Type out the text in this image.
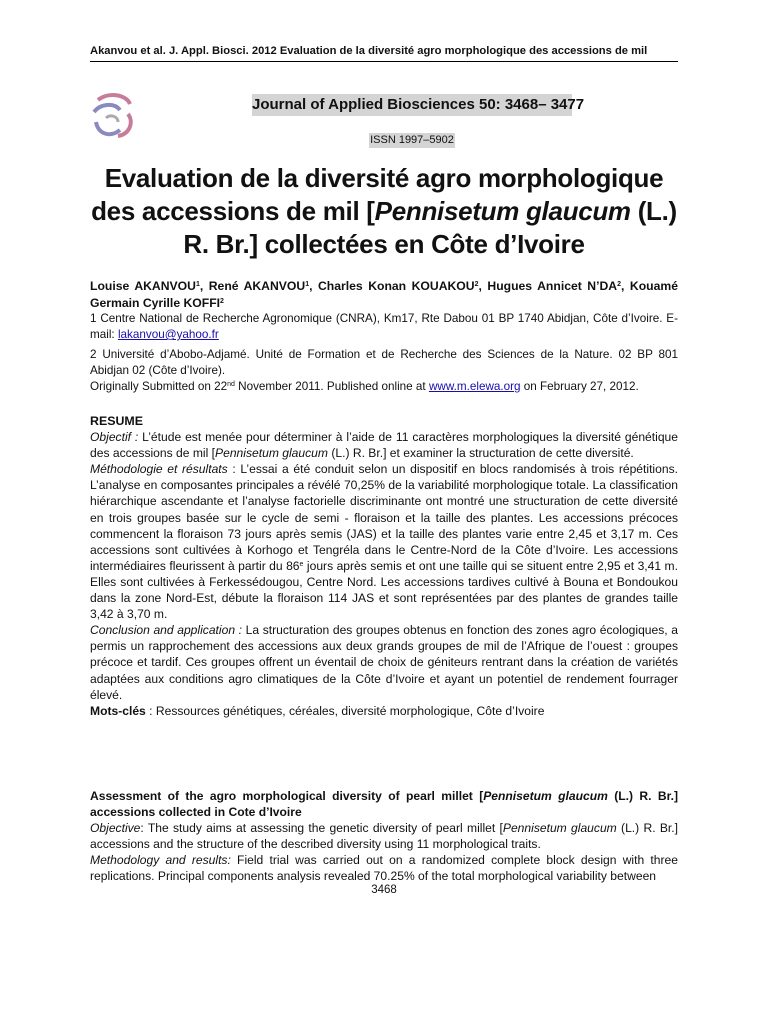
Akanvou et al. J. Appl. Biosci. 2012 Evaluation de la diversité agro morphologique des accessions de mil
Journal of Applied Biosciences 50: 3468– 3477
ISSN 1997–5902
Evaluation de la diversité agro morphologique des accessions de mil [Pennisetum glaucum (L.) R. Br.] collectées en Côte d’Ivoire
Louise AKANVOU$^1$, René AKANVOU$^1$, Charles Konan KOUAKOU$^2$, Hugues Annicet $N’DA^2$, Kouamé Germain Cyrille KOFFI$^2$
1 Centre National de Recherche Agronomique (CNRA), Km17, Rte Dabou 01 BP 1740 Abidjan, Côte d’Ivoire. E-mail: lakanvou@yahoo.fr
2 Université d’Abobo-Adjamé. Unité de Formation et de Recherche des Sciences de la Nature. 02 BP 801 Abidjan 02 (Côte d’Ivoire).
Originally Submitted on 22nd November 2011. Published online at www.m.elewa.org on February 27, 2012.

RESUME

Objectif : L’étude est menée pour déterminer à l’aide de 11 caractères morphologiques la diversité génétique des accessions de mil [Pennisetum glaucum (L.) R. Br.] et examiner la structuration de cette diversité.

Méthodologie et résultats : L’essai a été conduit selon un dispositif en blocs randomisés à trois répétitions. L’analyse en composantes principales a révélé 70,25% de la variabilité morphologique totale. La classification hiérarchique ascendante et l’analyse factorielle discriminante ont montré une structuration de cette diversité en trois groupes basée sur le cycle de semi - floraison et la taille des plantes. Les accessions précoces commencent la floraison 73 jours après semis (JAS) et la taille des plantes varie entre 2,45 et 3,17 m. Ces accessions sont cultivées à Korhogo et Tengréla dans le Centre-Nord de la Côte d’Ivoire. Les accessions intermédiaires fleurissent à partir du 86e jours après semis et ont une taille qui se situent entre 2,95 et 3,41 m. Elles sont cultivées à Ferkessédougou, Centre Nord. Les accessions tardives cultivé à Bouna et Bondoukou dans la zone Nord-Est, débute la floraison 114 JAS et sont représentées par des plantes de grandes taille 3,42 à 3,70 m.

Conclusion and application : La structuration des groupes obtenus en fonction des zones agro écologiques, a permis un rapprochement des accessions aux deux grands groupes de mil de l’Afrique de l’ouest : groupes précoce et tardif. Ces groupes offrent un éventail de choix de géniteurs rentrant dans la création de variétés adaptées aux conditions agro climatiques de la Côte d’Ivoire et ayant un potentiel de rendement fourrager élevé.

Mots-clés : Ressources génétiques, céréales, diversité morphologique, Côte d’Ivoire

Assessment of the agro morphological diversity of pearl millet [Pennisetum glaucum (L.) R. Br.] accessions collected in Cote d’Ivoire

Objective: The study aims at assessing the genetic diversity of pearl millet [Pennisetum glaucum (L.) R. Br.] accessions and the structure of the described diversity using 11 morphological traits.

Methodology and results: Field trial was carried out on a randomized complete block design with three replications. Principal components analysis revealed 70.25% of the total morphological variability between

3468
